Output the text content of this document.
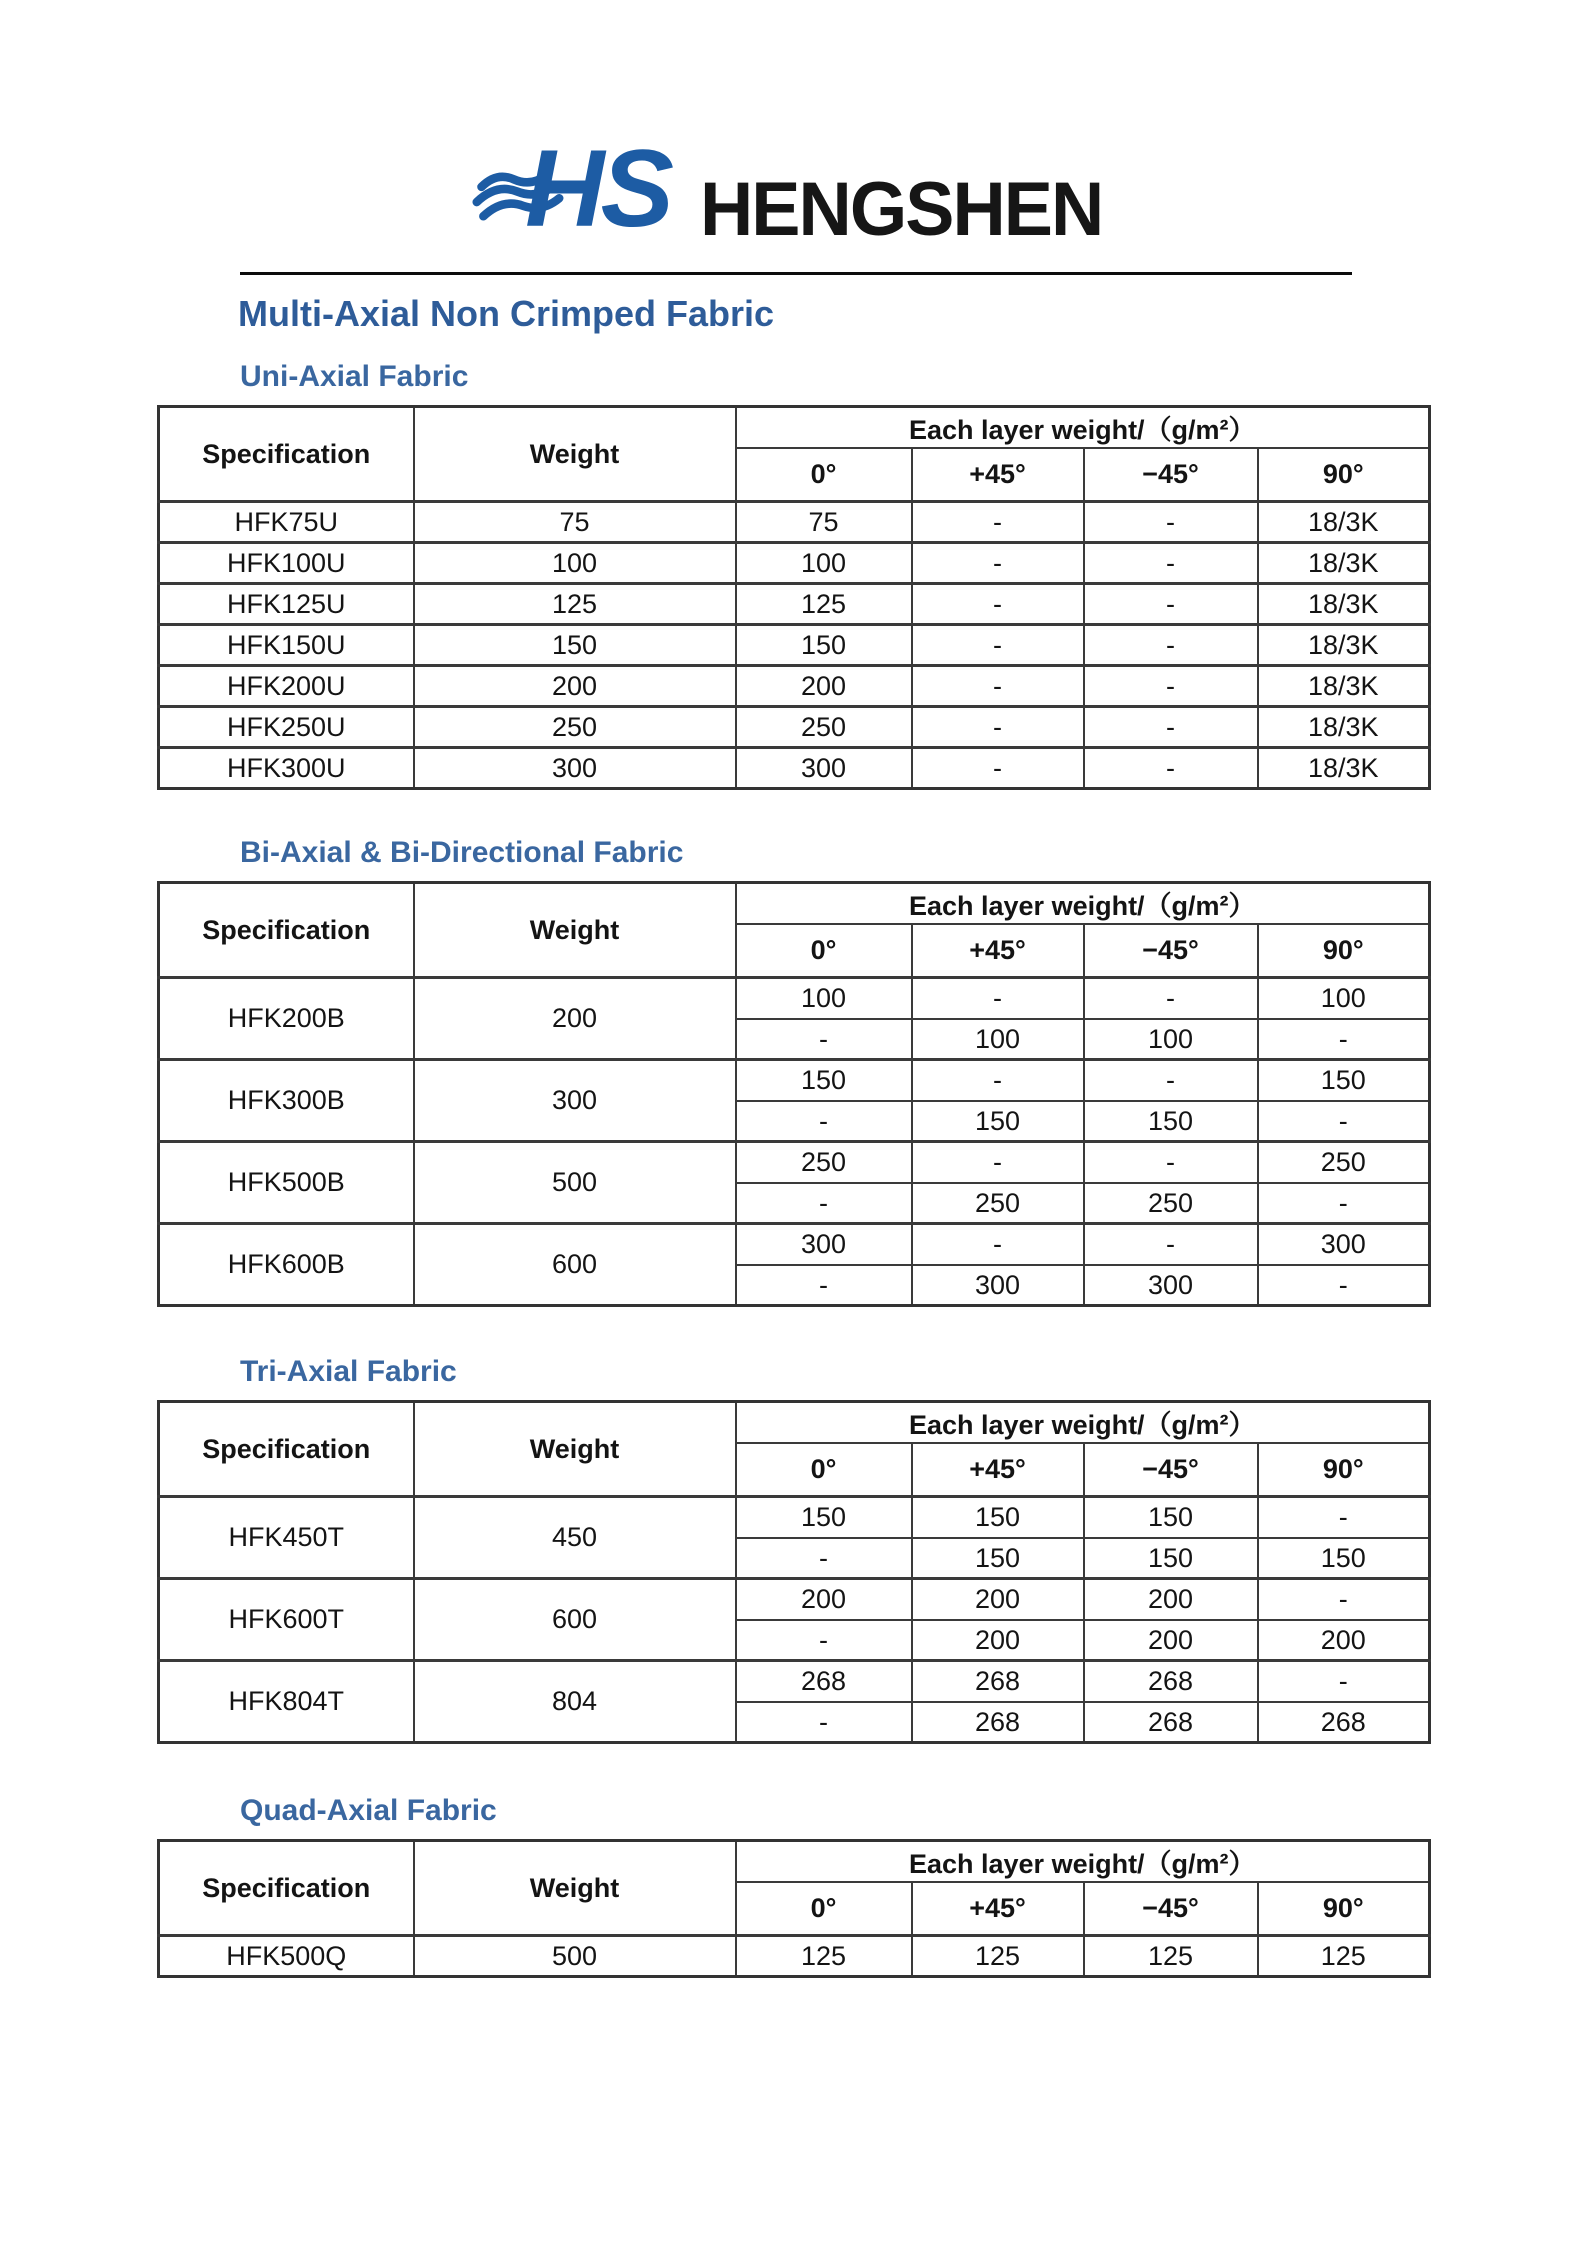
HS HENGSHEN
Multi-Axial Non Crimped Fabric
Uni-Axial Fabric
Specification	Weight	Each layer weight/（g/m²）			
		0°	+45°	−45°	90°
HFK75U	75	75	-	-	18/3K
HFK100U	100	100	-	-	18/3K
HFK125U	125	125	-	-	18/3K
HFK150U	150	150	-	-	18/3K
HFK200U	200	200	-	-	18/3K
HFK250U	250	250	-	-	18/3K
HFK300U	300	300	-	-	18/3K
Bi-Axial & Bi-Directional Fabric
Specification	Weight	Each layer weight/（g/m²）			
		0°	+45°	−45°	90°
HFK200B	200	100	-	-	100
		-	100	100	-
HFK300B	300	150	-	-	150
		-	150	150	-
HFK500B	500	250	-	-	250
		-	250	250	-
HFK600B	600	300	-	-	300
		-	300	300	-
Tri-Axial Fabric
Specification	Weight	Each layer weight/（g/m²）			
		0°	+45°	−45°	90°
HFK450T	450	150	150	150	-
		-	150	150	150
HFK600T	600	200	200	200	-
		-	200	200	200
HFK804T	804	268	268	268	-
		-	268	268	268
Quad-Axial Fabric
Specification	Weight	Each layer weight/（g/m²）			
		0°	+45°	−45°	90°
HFK500Q	500	125	125	125	125
